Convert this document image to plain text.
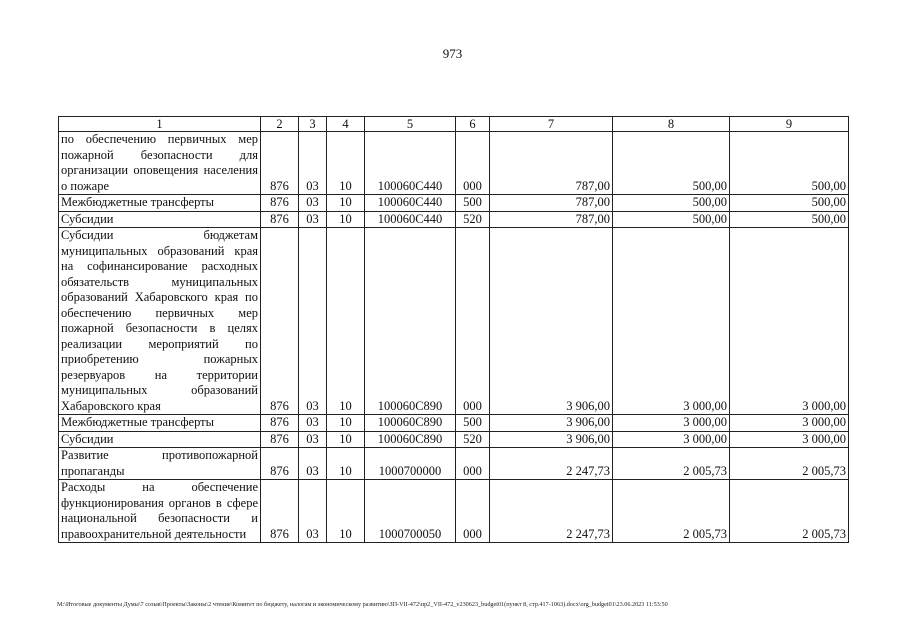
973
1	2	3	4	5	6	7	8	9
по обеспечению первичных мер пожарной безопасности для организации оповещения населения о пожаре	876	03	10	100060C440	000	787,00	500,00	500,00
Межбюджетные трансферты	876	03	10	100060C440	500	787,00	500,00	500,00
Субсидии	876	03	10	100060C440	520	787,00	500,00	500,00
Субсидии бюджетам муниципальных образований края на софинансирование расходных обязательств муниципальных образований Хабаровского края по обеспечению первичных мер пожарной безопасности в целях реализации мероприятий по приобретению пожарных резервуаров на территории муниципальных образований Хабаровского края	876	03	10	100060C890	000	3 906,00	3 000,00	3 000,00
Межбюджетные трансферты	876	03	10	100060C890	500	3 906,00	3 000,00	3 000,00
Субсидии	876	03	10	100060C890	520	3 906,00	3 000,00	3 000,00
Развитие противопожарной пропаганды	876	03	10	1000700000	000	2 247,73	2 005,73	2 005,73
Расходы на обеспечение функционирования органов в сфере национальной безопасности и правоохранительной деятельности	876	03	10	1000700050	000	2 247,73	2 005,73	2 005,73
M:\Итоговые документы Думы\7 созыв\Проекты\Законы\2 чтение\Комитет по бюджету, налогам и экономическому развитию\ЗП-VII-472\пр2_VII-472_v230623_budget01(пункт 8, стр.417-1063).docx\org_budget01\23.06.2023 11:53:50
